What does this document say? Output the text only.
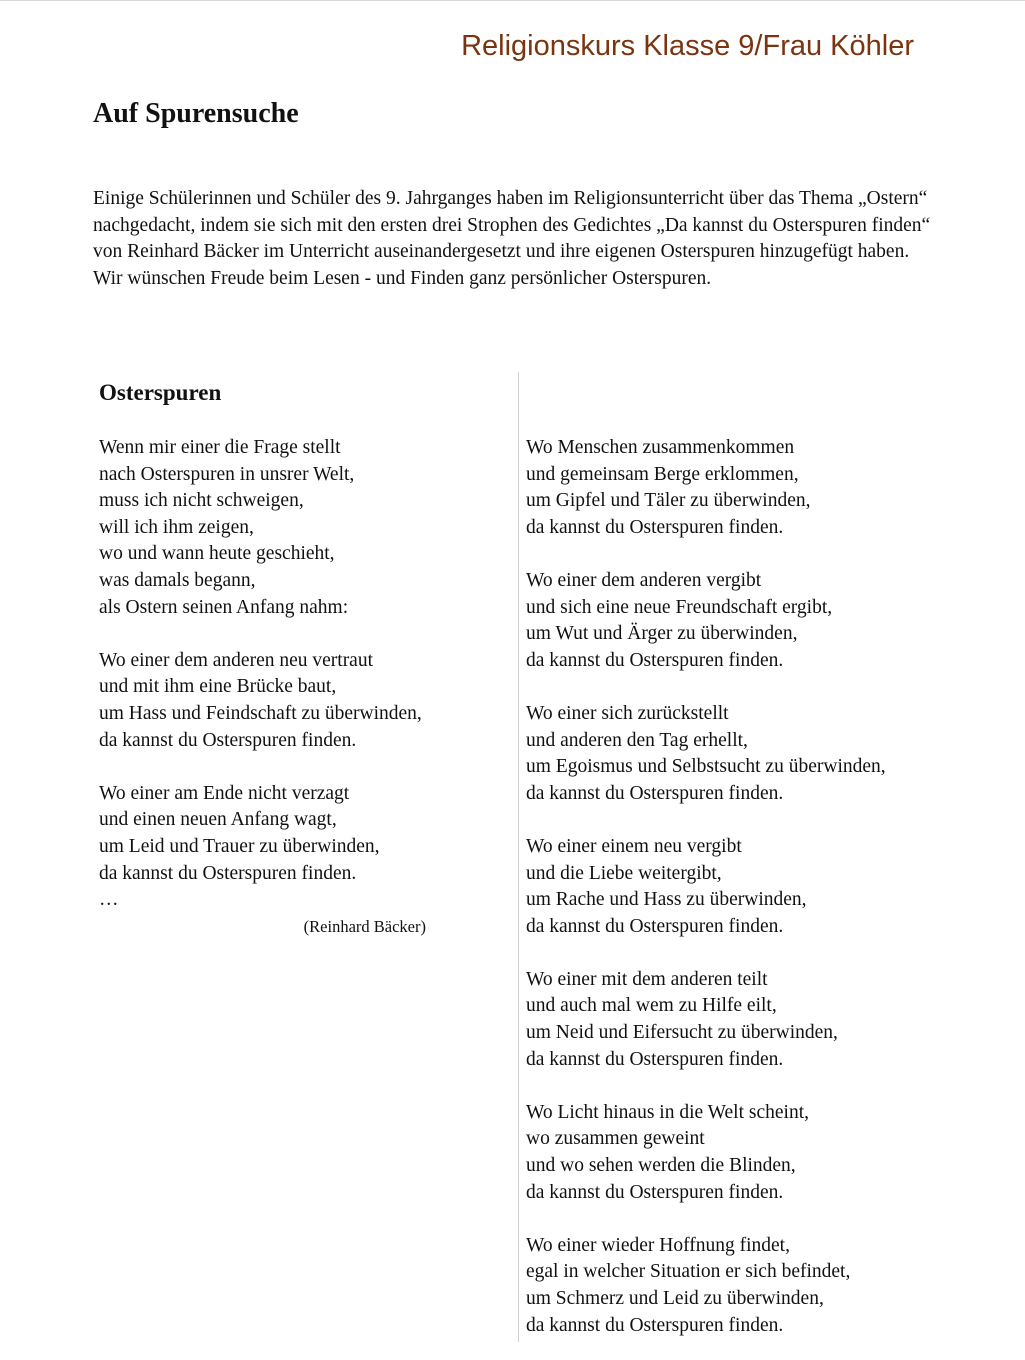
Religionskurs Klasse 9/Frau Köhler
Auf Spurensuche

Einige Schülerinnen und Schüler des 9. Jahrganges haben im Religionsunterricht über das Thema „Ostern“ nachgedacht, indem sie sich mit den ersten drei Strophen des Gedichtes „Da kannst du Osterspuren finden“ von Reinhard Bäcker im Unterricht auseinandergesetzt und ihre eigenen Osterspuren hinzugefügt haben. Wir wünschen Freude beim Lesen - und Finden ganz persönlicher Osterspuren.

Osterspuren
Wenn mir einer die Frage stellt
nach Osterspuren in unsrer Welt,
muss ich nicht schweigen,
will ich ihm zeigen,
wo und wann heute geschieht,
was damals begann,
als Ostern seinen Anfang nahm:
Wo einer dem anderen neu vertraut
und mit ihm eine Brücke baut,
um Hass und Feindschaft zu überwinden,
da kannst du Osterspuren finden.
Wo einer am Ende nicht verzagt
und einen neuen Anfang wagt,
um Leid und Trauer zu überwinden,
da kannst du Osterspuren finden.
…
(Reinhard Bäcker)
Wo Menschen zusammenkommen
und gemeinsam Berge erklommen,
um Gipfel und Täler zu überwinden,
da kannst du Osterspuren finden.
Wo einer dem anderen vergibt
und sich eine neue Freundschaft ergibt,
um Wut und Ärger zu überwinden,
da kannst du Osterspuren finden.
Wo einer sich zurückstellt
und anderen den Tag erhellt,
um Egoismus und Selbstsucht zu überwinden,
da kannst du Osterspuren finden.
Wo einer einem neu vergibt
und die Liebe weitergibt,
um Rache und Hass zu überwinden,
da kannst du Osterspuren finden.
Wo einer mit dem anderen teilt
und auch mal wem zu Hilfe eilt,
um Neid und Eifersucht zu überwinden,
da kannst du Osterspuren finden.
Wo Licht hinaus in die Welt scheint,
wo zusammen geweint
und wo sehen werden die Blinden,
da kannst du Osterspuren finden.
Wo einer wieder Hoffnung findet,
egal in welcher Situation er sich befindet,
um Schmerz und Leid zu überwinden,
da kannst du Osterspuren finden.
